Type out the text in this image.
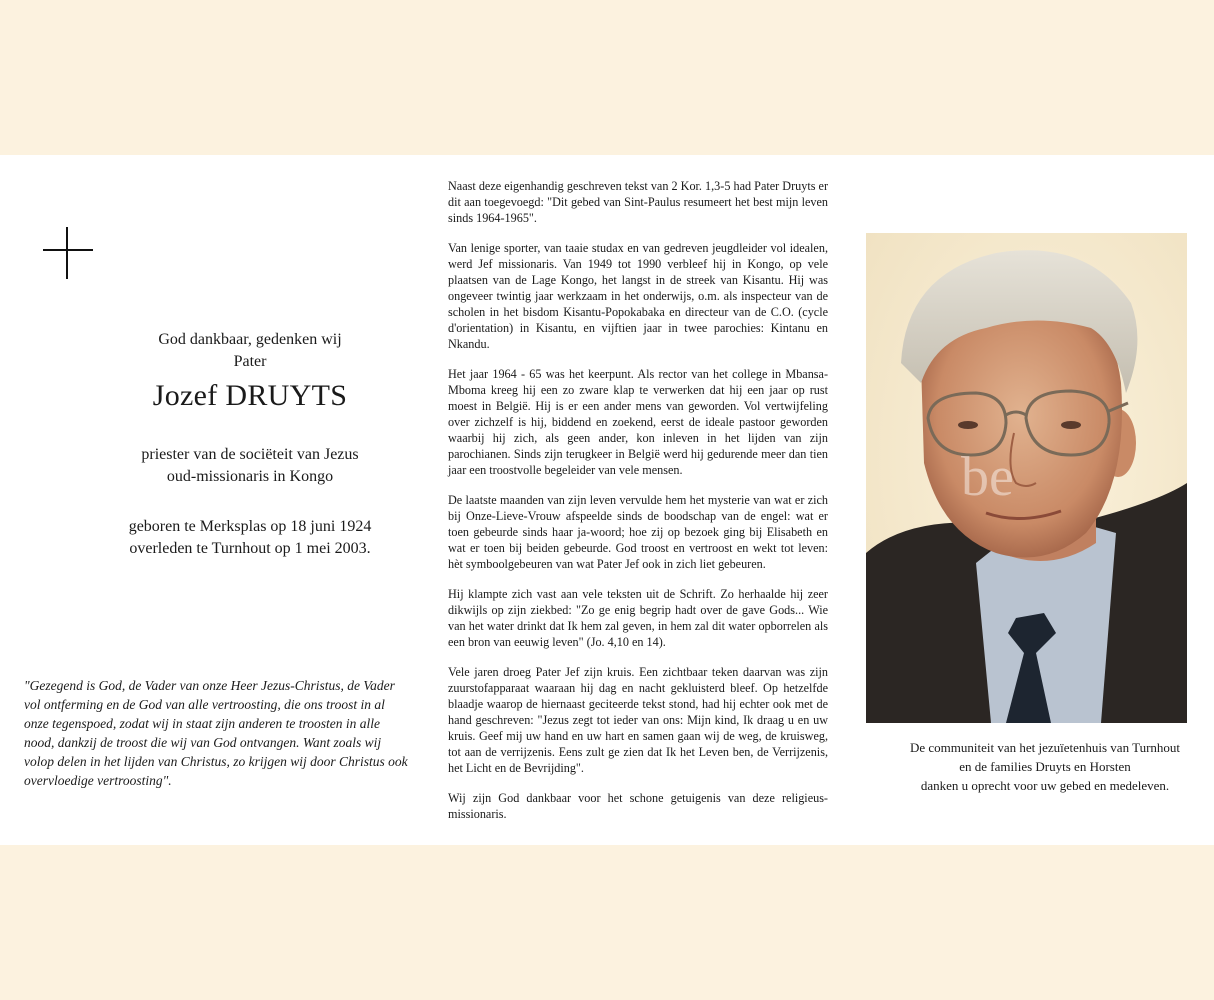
God dankbaar, gedenken wij
Pater
Jozef DRUYTS
priester van de sociëteit van Jezus
oud-missionaris in Kongo
geboren te Merksplas op 18 juni 1924
overleden te Turnhout op 1 mei 2003.

"Gezegend is God, de Vader van onze Heer Jezus-Christus, de Vader vol ontferming en de God van alle vertroosting, die ons troost in al onze tegenspoed, zodat wij in staat zijn anderen te troosten in alle nood, dankzij de troost die wij van God ontvangen. Want zoals wij volop delen in het lijden van Christus, zo krijgen wij door Christus ook overvloedige vertroosting".

Naast deze eigenhandig geschreven tekst van 2 Kor. 1,3-5 had Pater Druyts er dit aan toegevoegd: "Dit gebed van Sint-Paulus resumeert het best mijn leven sinds 1964-1965".

Van lenige sporter, van taaie studax en van gedreven jeugdleider vol idealen, werd Jef missionaris. Van 1949 tot 1990 verbleef hij in Kongo, op vele plaatsen van de Lage Kongo, het langst in de streek van Kisantu. Hij was ongeveer twintig jaar werkzaam in het onderwijs, o.m. als inspecteur van de scholen in het bisdom Kisantu-Popokabaka en directeur van de C.O. (cycle d'orientation) in Kisantu, en vijftien jaar in twee parochies: Kintanu en Nkandu.

Het jaar 1964 - 65 was het keerpunt. Als rector van het college in Mbansa-Mboma kreeg hij een zo zware klap te verwerken dat hij een jaar op rust moest in België. Hij is er een ander mens van geworden. Vol vertwijfeling over zichzelf is hij, biddend en zoekend, eerst de ideale pastoor geworden waarbij hij zich, als geen ander, kon inleven in het lijden van zijn parochianen. Sinds zijn terugkeer in België werd hij gedurende meer dan tien jaar een troostvolle begeleider van vele mensen.

De laatste maanden van zijn leven vervulde hem het mysterie van wat er zich bij Onze-Lieve-Vrouw afspeelde sinds de boodschap van de engel: wat er toen gebeurde sinds haar ja-woord; hoe zij op bezoek ging bij Elisabeth en wat er toen bij beiden gebeurde. God troost en vertroost en wekt tot leven: hèt symboolgebeuren van wat Pater Jef ook in zich liet gebeuren.

Hij klampte zich vast aan vele teksten uit de Schrift. Zo herhaalde hij zeer dikwijls op zijn ziekbed: "Zo ge enig begrip hadt over de gave Gods... Wie van het water drinkt dat Ik hem zal geven, in hem zal dit water opborrelen als een bron van eeuwig leven" (Jo. 4,10 en 14).

Vele jaren droeg Pater Jef zijn kruis. Een zichtbaar teken daarvan was zijn zuurstofapparaat waaraan hij dag en nacht gekluisterd bleef. Op hetzelfde blaadje waarop de hiernaast geciteerde tekst stond, had hij echter ook met de hand geschreven: "Jezus zegt tot ieder van ons: Mijn kind, Ik draag u en uw kruis. Geef mij uw hand en uw hart en samen gaan wij de weg, de kruisweg, tot aan de verrijzenis. Eens zult ge zien dat Ik het Leven ben, de Verrijzenis, het Licht en de Bevrijding".

Wij zijn God dankbaar voor het schone getuigenis van deze religieus-missionaris.

be
De communiteit van het jezuïetenhuis van Turnhout
en de families Druyts en Horsten
danken u oprecht voor uw gebed en medeleven.
